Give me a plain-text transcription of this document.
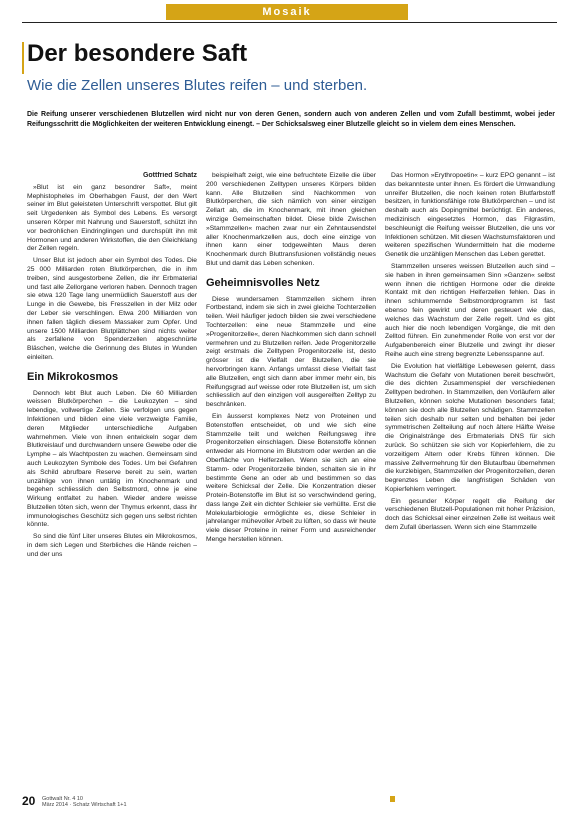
Mosaik
Der besondere Saft

Wie die Zellen unseres Blutes reifen – und sterben.

Die Reifung unserer verschiedenen Blutzellen wird nicht nur von deren Genen, sondern auch von anderen Zellen und vom Zufall bestimmt, wobei jeder Reifungsschritt die Möglichkeiten der weiteren Entwicklung einengt. – Der Schicksalsweg einer Blutzelle gleicht so in vielem dem eines Menschen.

Gottfried Schatz

»Blut ist ein ganz besondrer Saft«, meint Mephistopheles im Oberhabgen Faust, der den Wert seiner im Blut geleisteten Unterschrift verspottet. Blut gilt seit Urgedenken als Symbol des Lebens. Es versorgt unseren Körper mit Nahrung und Sauerstoff, schützt ihn vor bedrohlichen Eindringlingen und durchspült ihn mit Hormonen und anderen Wirkstoffen, die den Gleichklang der Zellen regeln.

Unser Blut ist jedoch aber ein Symbol des Todes. Die 25 000 Milliarden roten Blutkörperchen, die in ihm treiben, sind ausgestorbene Zellen, die ihr Erbmaterial und fast alle Zellorgane verloren haben. Dennoch tragen sie etwa 120 Tage lang unermüdlich Sauerstoff aus der Lunge in die Gewebe, bis Fresszellen in der Milz oder der Leber sie verschlingen. Etwa 200 Milliarden von ihnen fallen täglich diesem Massaker zum Opfer. Und unsere 1500 Milliarden Blutplättchen sind nichts weiter als zerfallene von Spenderzellen abgeschnürte Bläschen, welche die Gerinnung des Blutes in Wunden einleiten.

Ein Mikrokosmos

Dennoch lebt Blut auch Leben. Die 60 Milliarden weissen Blutkörperchen – die Leukozyten – sind lebendige, vollwertige Zellen. Sie verfolgen uns gegen Infektionen und bilden eine viele verzweigte Familie, deren Mitglieder unterschiedliche Aufgaben wahrnehmen. Viele von ihnen entwickeln sogar dem Blutkreislauf und durchwandern unsere Gewebe oder die Lymphe – als Wachtposten zu wachen. Gemeinsam sind auch Leukozyten Symbole des Todes. Um bei Gefahren als Schild abrufbare Reserve bereit zu sein, warten unzählige von ihnen untätig im Knochenmark und begehen schliesslich den Selbstmord, ohne je eine Wirkung entfaltet zu haben. Wieder andere weisse Blutzellen töten sich, wenn der Thymus erkennt, dass ihr immunologisches Geschütz sich gegen uns selbst richten könnte.

So sind die fünf Liter unseres Blutes ein Mikrokosmos, in dem sich Legen und Sterbliches die Hände reichen – und der uns

beispielhaft zeigt, wie eine befruchtete Eizelle die über 200 verschiedenen Zelltypen unseres Körpers bilden kann. Alle Blutzellen sind Nachkommen von Blutkörperchen, die sich nämlich von einer einzigen Zellart ab, die im Knochenmark, mit ihnen gleichen winzige Gemeinschaften bildet. Diese bilde Zwischen »Stammzellen« machen zwar nur ein Zehntausendstel aller Knochenmarkzellen aus, doch eine einzige von ihnen kann einer todgeweihten Maus deren Knochenmark durch Bluttransfusionen vollständig neues Blut und damit das Leben schenken.

Geheimnisvolles Netz

Diese wundersamen Stammzellen sichern ihren Fortbestand, indem sie sich in zwei gleiche Tochterzellen teilen. Weil häufiger jedoch bilden sie zwei verschiedene Tochterzellen: eine neue Stammzelle und eine »Progenitorzelle«, deren Nachkommen sich dann schnell vermehren und zu Blutzellen reifen. Jede Progenitorzelle zeigt erstmals die Zelltypen Progenitorzelle ist, desto grösser ist die Vielfalt der Blutzellen, die sie hervorbringen kann. Anfangs umfasst diese Vielfalt fast alle Blutzellen, engt sich dann aber immer mehr ein, bis Reifungsgrad auf weisse oder rote Blutzellen ist, um sich schliesslich auf den einzigen voll ausgereiften Zelltyp zu beschränken.

Ein äusserst komplexes Netz von Proteinen und Botenstoffen entscheidet, ob und wie sich eine Stammzelle teilt und welchen Reifungsweg ihre Progenitorzellen einschlagen. Diese Botenstoffe können entweder als Hormone im Blutstrom oder werden an die Oberfläche von Helferzellen. Wenn sie sich an eine Stamm- oder Progenitorzelle binden, schalten sie in ihr bestimmte Gene an oder ab und bestimmen so das weitere Schicksal der Zelle. Die Konzentration dieser Protein-Botenstoffe im Blut ist so verschwindend gering, dass lange Zeit ein dichter Schleier sie verhüllte. Erst die Molekularbiologie ermöglichte es, diese Schleier in jahrelanger mühevoller Arbeit zu lüften, so dass wir heute viele dieser Proteine in reiner Form und ausreichender Menge herstellen können.

Das Hormon »Erythropoetin« – kurz EPO genannt – ist das bekannteste unter ihnen. Es fördert die Umwandlung unreifer Blutzellen, die noch keinen roten Blutfarbstoff besitzen, in funktionsfähige rote Blutkörperchen – und ist deshalb auch als Dopingmittel berüchtigt. Ein anderes, medizinisch eingesetztes Hormon, das Filgrastim, beschleunigt die Reifung weisser Blutzellen, die uns vor Infektionen schützen. Mit diesen Wachstumsfaktoren und weiteren spezifischen Wundermitteln hat die moderne Genetik die unzähligen Menschen das Leben gerettet.

Stammzellen unseres weissen Blutzellen auch sind – sie haben in ihren gemeinsamen Sinn »Ganzen« selbst wenn ihnen die richtigen Hormone oder die direkte Kontakt mit den richtigen Helferzellen fehlen. Das in ihnen schlummernde Selbstmordprogramm ist fast ebenso fein gewirkt und deren gesteuert wie das, welches das Wachstum der Zelle regelt. Und es gibt auch hier die noch lebendigen Vorgänge, die mit den Zelltod führen. Ein zunehmender Rolle von erst vor der Aufgabenbereich einer Blutzelle und zwingt ihr dieser Reihe auch eine streng begrenzte Lebensspanne auf.

Die Evolution hat vielfältige Lebewesen gelernt, dass Wachstum die Gefahr von Mutationen bereit beschwört, die des dichten Zusammenspiel der verschiedenen Zelltypen bedrohen. In Stammzellen, den Vorläufern aller Blutzellen, können solche Mutationen besonders fatal; können sie doch alle Blutzellen schädigen. Stammzellen teilen sich deshalb nur selten und behalten bei jeder symmetrischen Zellteilung auf noch ältere Hälfte Weise die Originalstränge des Erbmaterials DNS für sich zurück. So schützen sie sich vor Kopierfehlern, die zu vorzeitigem Altern oder Krebs führen können. Die massive Zellvermehrung für den Blutaufbau übernehmen die kurzlebigen, Stammzellen der Progenitorzellen, deren begrenztes Leben die langfristigen Schäden von Kopierfehlern verringert.

Ein gesunder Körper regelt die Reifung der verschiedenen Blutzell-Populationen mit hoher Präzision, doch das Schicksal einer einzelnen Zelle ist weitaus weit dem Zufall überlassen. Wenn sich eine Stammzelle

20 Gottwalt Nr. 4 10
März 2014 · Schatz Wirtschaft 1+1
